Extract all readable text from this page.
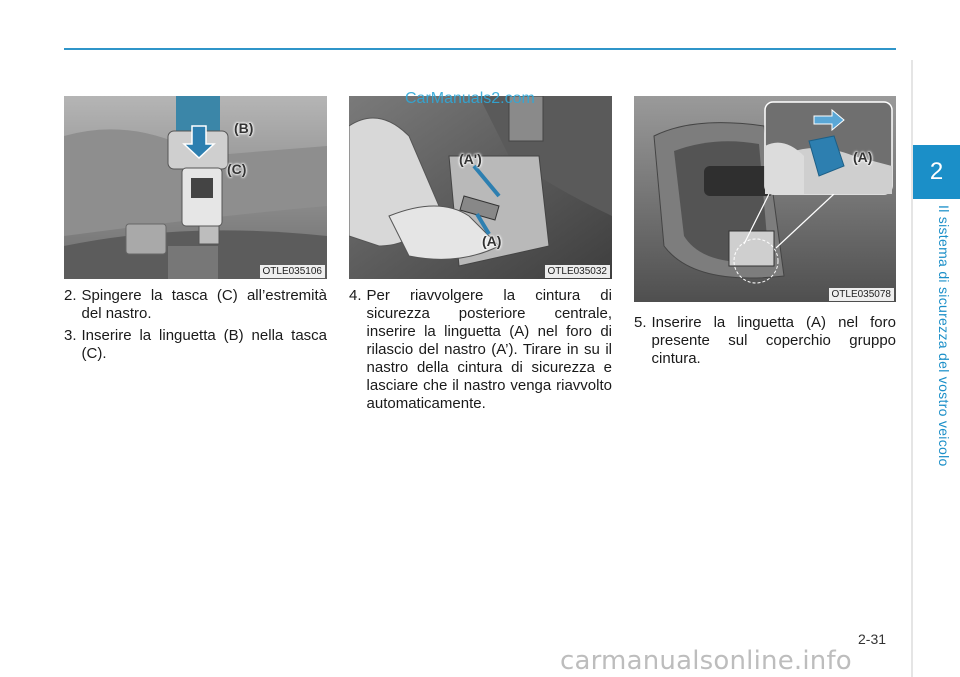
2
Il sistema di sicurezza del vostro veicolo
(B)
(C)
OTLE035106
(A')
(A)
OTLE035032
CarManuals2.com
(A)
OTLE035078
2. Spingere la tasca (C) all’estremità del nastro.
3. Inserire la linguetta (B) nella tasca (C).
4. Per riavvolgere la cintura di sicurezza posteriore centrale, inserire la linguetta (A) nel foro di rilascio del nastro (A’). Tirare in su il nastro della cintura di sicurezza e lasciare che il nastro venga riavvolto automaticamente.
5. Inserire la linguetta (A) nel foro presente sul coperchio gruppo cintura.
2-31
carmanualsonline.info
